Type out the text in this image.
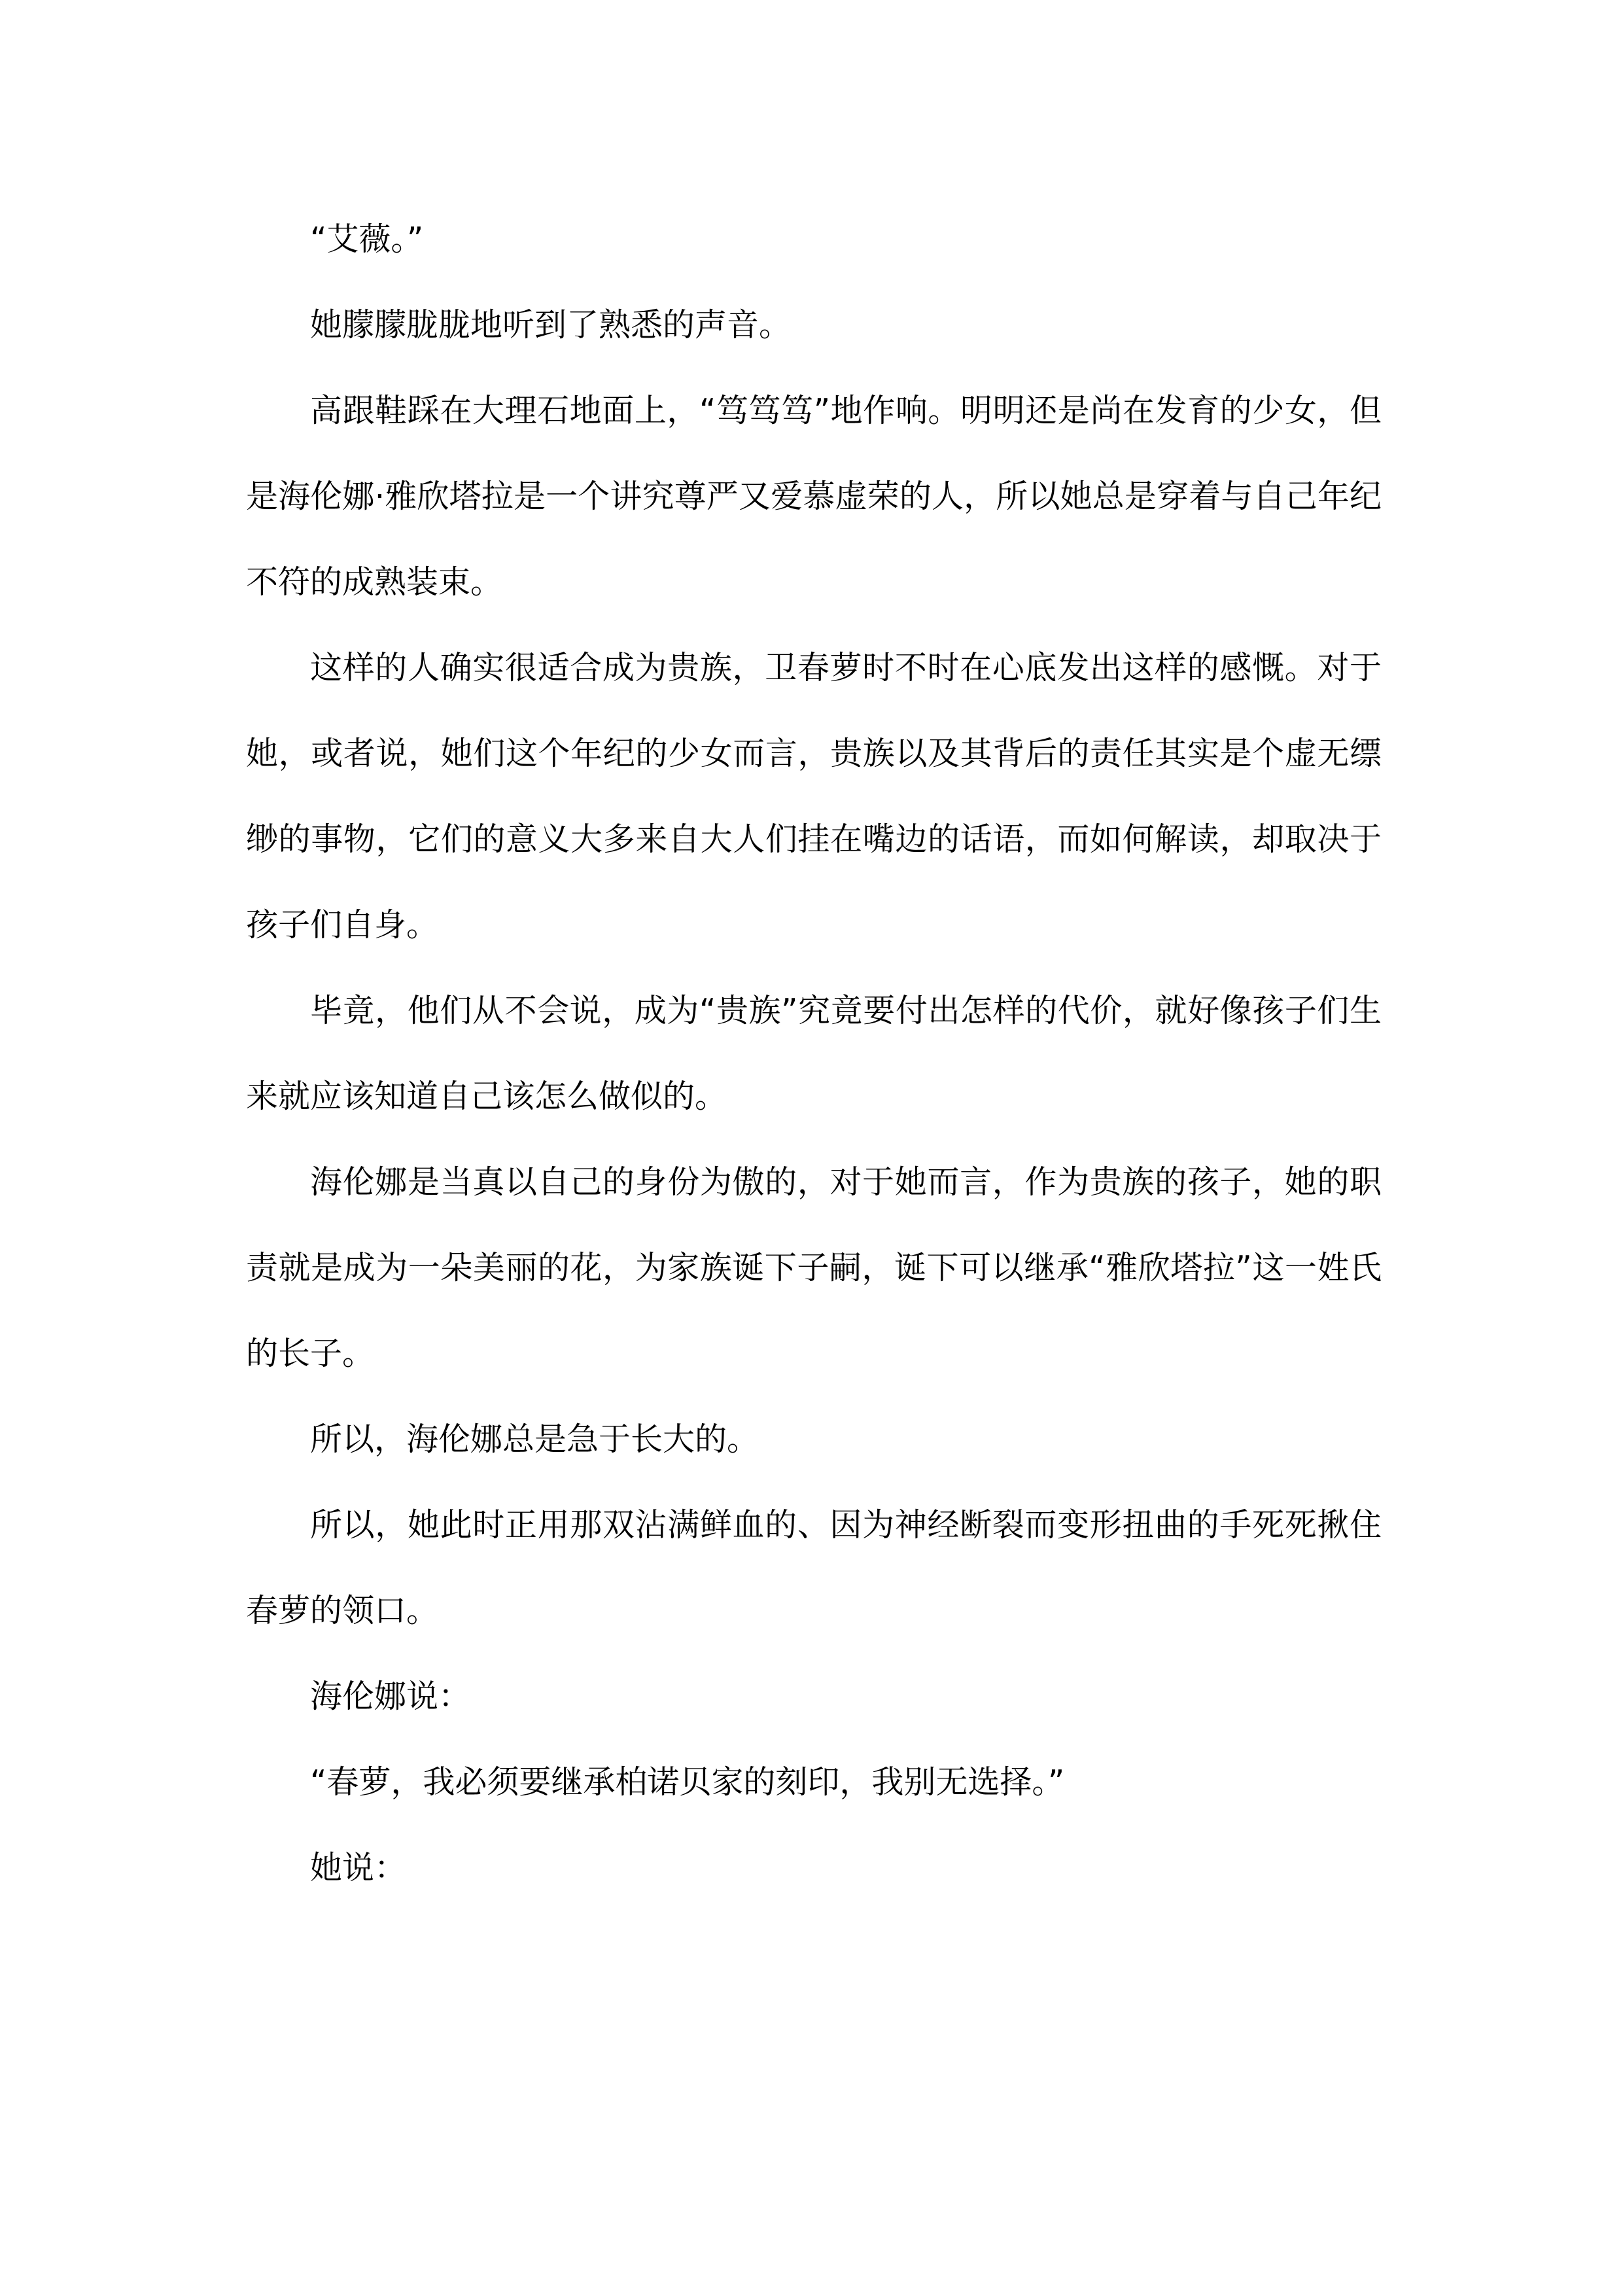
“艾薇。”

她朦朦胧胧地听到了熟悉的声音。

高跟鞋踩在大理石地面上，“笃笃笃”地作响。明明还是尚在发育的少女，但是海伦娜·雅欣塔拉是一个讲究尊严又爱慕虚荣的人，所以她总是穿着与自己年纪不符的成熟装束。

这样的人确实很适合成为贵族，卫春萝时不时在心底发出这样的感慨。对于她，或者说，她们这个年纪的少女而言，贵族以及其背后的责任其实是个虚无缥缈的事物，它们的意义大多来自大人们挂在嘴边的话语，而如何解读，却取决于孩子们自身。

毕竟，他们从不会说，成为“贵族”究竟要付出怎样的代价，就好像孩子们生来就应该知道自己该怎么做似的。

海伦娜是当真以自己的身份为傲的，对于她而言，作为贵族的孩子，她的职责就是成为一朵美丽的花，为家族诞下子嗣，诞下可以继承“雅欣塔拉”这一姓氏的长子。

所以，海伦娜总是急于长大的。

所以，她此时正用那双沾满鲜血的、因为神经断裂而变形扭曲的手死死揪住春萝的领口。

海伦娜说：

“春萝，我必须要继承柏诺贝家的刻印，我别无选择。”

她说：
